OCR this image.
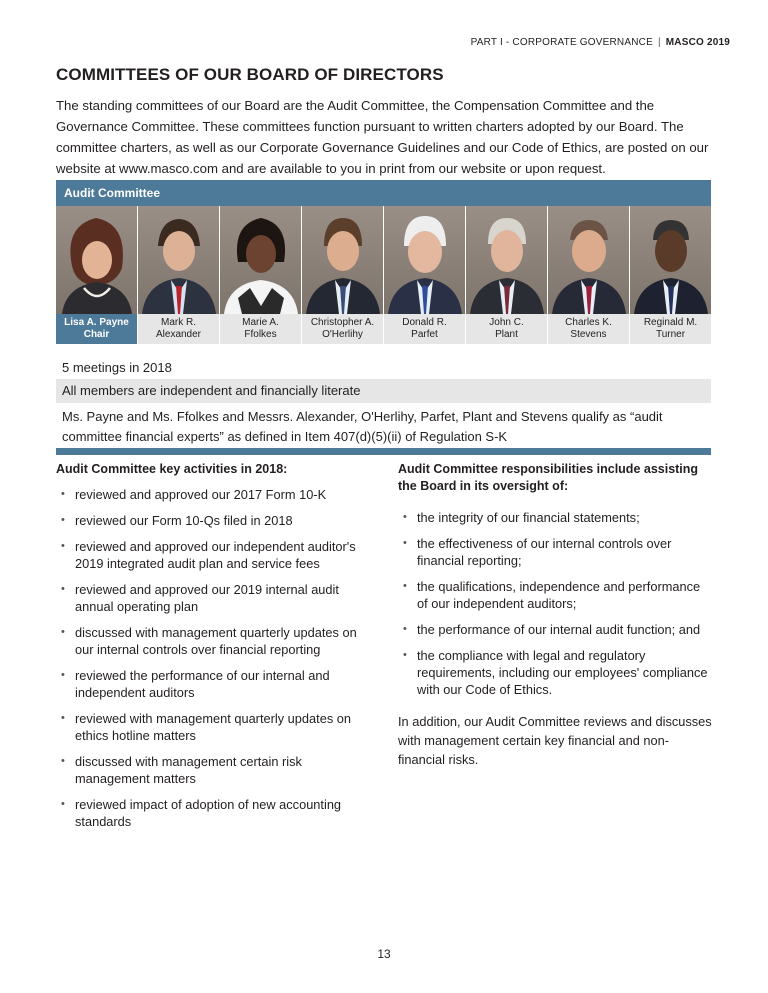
PART I - CORPORATE GOVERNANCE | MASCO 2019
COMMITTEES OF OUR BOARD OF DIRECTORS
The standing committees of our Board are the Audit Committee, the Compensation Committee and the Governance Committee. These committees function pursuant to written charters adopted by our Board. The committee charters, as well as our Corporate Governance Guidelines and our Code of Ethics, are posted on our website at www.masco.com and are available to you in print from our website or upon request.
Audit Committee
Lisa A. Payne
Chair
Mark R.
Alexander
Marie A.
Ffolkes
Christopher A.
O'Herlihy
Donald R.
Parfet
John C.
Plant
Charles K.
Stevens
Reginald M.
Turner
5 meetings in 2018
All members are independent and financially literate
Ms. Payne and Ms. Ffolkes and Messrs. Alexander, O'Herlihy, Parfet, Plant and Stevens qualify as “audit committee financial experts” as defined in Item 407(d)(5)(ii) of Regulation S-K
Audit Committee key activities in 2018:
• reviewed and approved our 2017 Form 10-K
• reviewed our Form 10-Qs filed in 2018
• reviewed and approved our independent auditor's 2019 integrated audit plan and service fees
• reviewed and approved our 2019 internal audit annual operating plan
• discussed with management quarterly updates on our internal controls over financial reporting
• reviewed the performance of our internal and independent auditors
• reviewed with management quarterly updates on ethics hotline matters
• discussed with management certain risk management matters
• reviewed impact of adoption of new accounting standards
Audit Committee responsibilities include assisting the Board in its oversight of:
• the integrity of our financial statements;
• the effectiveness of our internal controls over financial reporting;
• the qualifications, independence and performance of our independent auditors;
• the performance of our internal audit function; and
• the compliance with legal and regulatory requirements, including our employees' compliance with our Code of Ethics.
In addition, our Audit Committee reviews and discusses with management certain key financial and non-financial risks.
13
